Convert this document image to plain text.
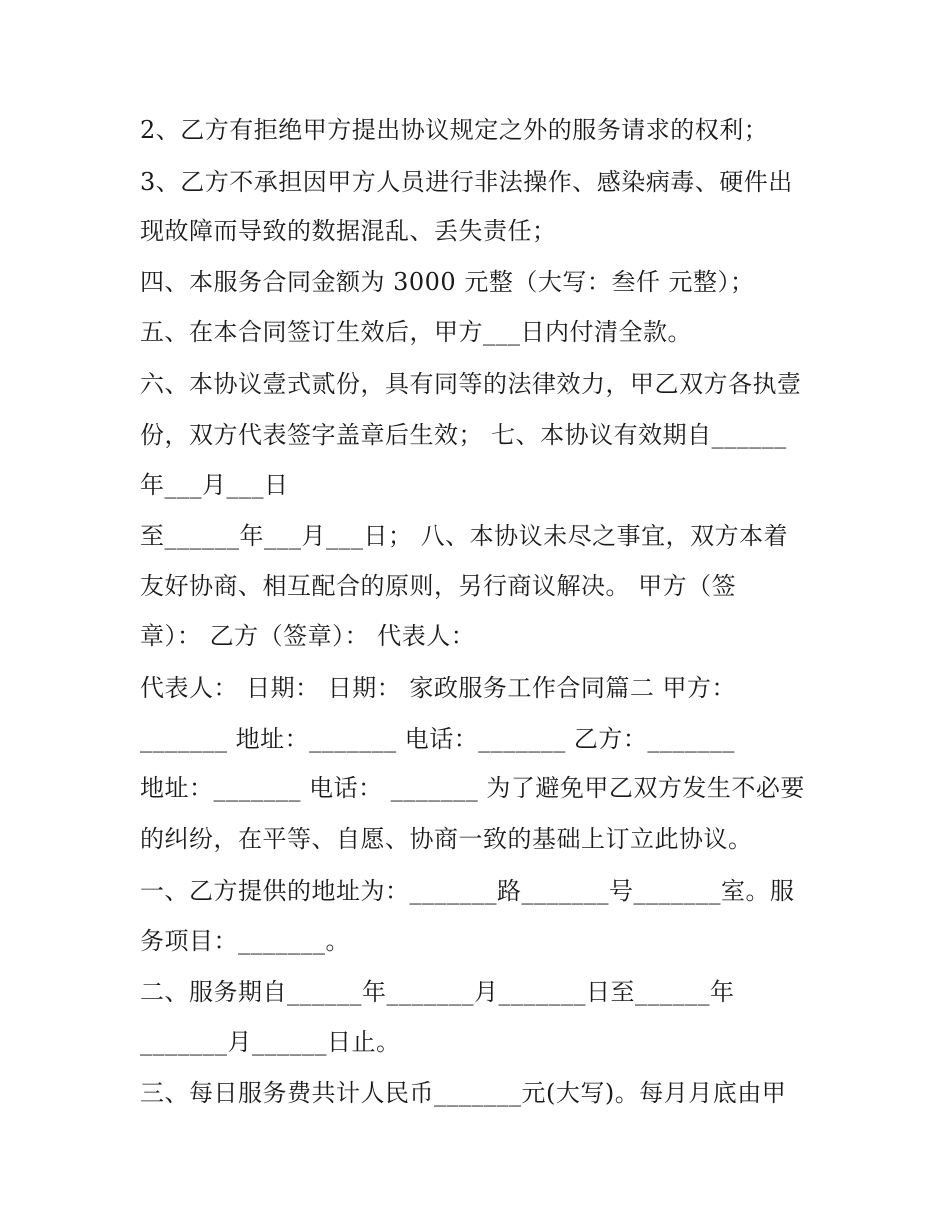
2、乙方有拒绝甲方提出协议规定之外的服务请求的权利；
3、乙方不承担因甲方人员进行非法操作、感染病毒、硬件出
现故障而导致的数据混乱、丢失责任；
四、本服务合同金额为 3000 元整（大写：叁仟 元整）；
五、在本合同签订生效后，甲方___日内付清全款。
六、本协议壹式贰份，具有同等的法律效力，甲乙双方各执壹
份，双方代表签字盖章后生效； 七、本协议有效期自______
年___月___日
至______年___月___日； 八、本协议未尽之事宜，双方本着
友好协商、相互配合的原则，另行商议解决。 甲方（签
章）： 乙方（签章）： 代表人：
代表人： 日期： 日期： 家政服务工作合同篇二 甲方：
_______ 地址：_______ 电话：_______ 乙方：_______
地址：_______ 电话： _______ 为了避免甲乙双方发生不必要
的纠纷，在平等、自愿、协商一致的基础上订立此协议。
一、乙方提供的地址为：_______路_______号_______室。服
务项目：_______。
二、服务期自______年_______月_______日至______年
_______月______日止。
三、每日服务费共计人民币_______元(大写)。每月月底由甲
